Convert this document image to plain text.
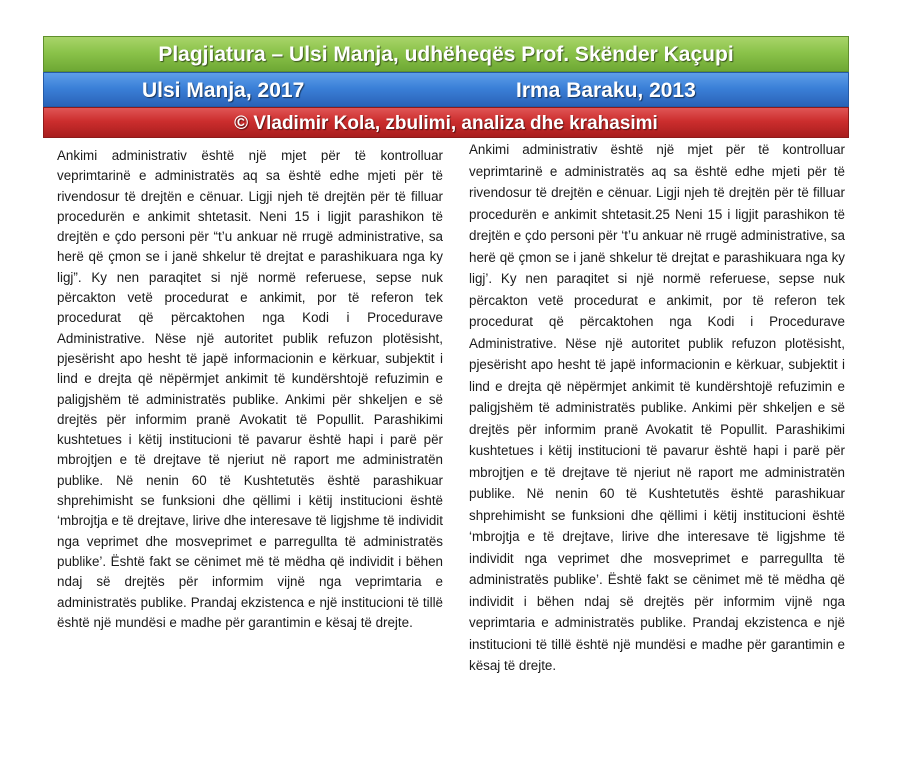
Plagjiatura – Ulsi Manja, udhëheqës Prof. Skënder Kaçupi
Ulsi Manja, 2017	Irma Baraku, 2013
© Vladimir Kola, zbulimi, analiza dhe krahasimi

Ankimi administrativ është një mjet për të kontrolluar veprimtarinë e administratës aq sa është edhe mjeti për të rivendosur të drejtën e cënuar. Ligji njeh të drejtën për të filluar procedurën e ankimit shtetasit. Neni 15 i ligjit parashikon të drejtën e çdo personi për “t’u ankuar në rrugë administrative, sa herë që çmon se i janë shkelur të drejtat e parashikuara nga ky ligj”. Ky nen paraqitet si një normë referuese, sepse nuk përcakton vetë procedurat e ankimit, por të referon tek procedurat që përcaktohen nga Kodi i Procedurave Administrative. Nëse një autoritet publik refuzon plotësisht, pjesërisht apo hesht të japë informacionin e kërkuar, subjektit i lind e drejta që nëpërmjet ankimit të kundërshtojë refuzimin e paligjshëm të administratës publike. Ankimi për shkeljen e së drejtës për informim pranë Avokatit të Popullit. Parashikimi kushtetues i këtij institucioni të pavarur është hapi i parë për mbrojtjen e të drejtave të njeriut në raport me administratën publike. Në nenin 60 të Kushtetutës është parashikuar shprehimisht se funksioni dhe qëllimi i këtij institucioni është ‘mbrojtja e të drejtave, lirive dhe interesave të ligjshme të individit nga veprimet dhe mosveprimet e parregullta të administratës publike’. Është fakt se cënimet më të mëdha që individit i bëhen ndaj së drejtës për informim vijnë nga veprimtaria e administratës publike. Prandaj ekzistenca e një institucioni të tillë është një mundësi e madhe për garantimin e kësaj të drejte.

Ankimi administrativ është një mjet për të kontrolluar veprimtarinë e administratës aq sa është edhe mjeti për të rivendosur të drejtën e cënuar. Ligji njeh të drejtën për të filluar procedurën e ankimit shtetasit.25 Neni 15 i ligjit parashikon të drejtën e çdo personi për ‘t’u ankuar në rrugë administrative, sa herë që çmon se i janë shkelur të drejtat e parashikuara nga ky ligj’. Ky nen paraqitet si një normë referuese, sepse nuk përcakton vetë procedurat e ankimit, por të referon tek procedurat që përcaktohen nga Kodi i Procedurave Administrative. Nëse një autoritet publik refuzon plotësisht, pjesërisht apo hesht të japë informacionin e kërkuar, subjektit i lind e drejta që nëpërmjet ankimit të kundërshtojë refuzimin e paligjshëm të administratës publike. Ankimi për shkeljen e së drejtës për informim pranë Avokatit të Popullit. Parashikimi kushtetues i këtij institucioni të pavarur është hapi i parë për mbrojtjen e të drejtave të njeriut në raport me administratën publike. Në nenin 60 të Kushtetutës është parashikuar shprehimisht se funksioni dhe qëllimi i këtij institucioni është ‘mbrojtja e të drejtave, lirive dhe interesave të ligjshme të individit nga veprimet dhe mosveprimet e parregullta të administratës publike’. Është fakt se cënimet më të mëdha që individit i bëhen ndaj së drejtës për informim vijnë nga veprimtaria e administratës publike. Prandaj ekzistenca e një institucioni të tillë është një mundësi e madhe për garantimin e kësaj të drejte.
